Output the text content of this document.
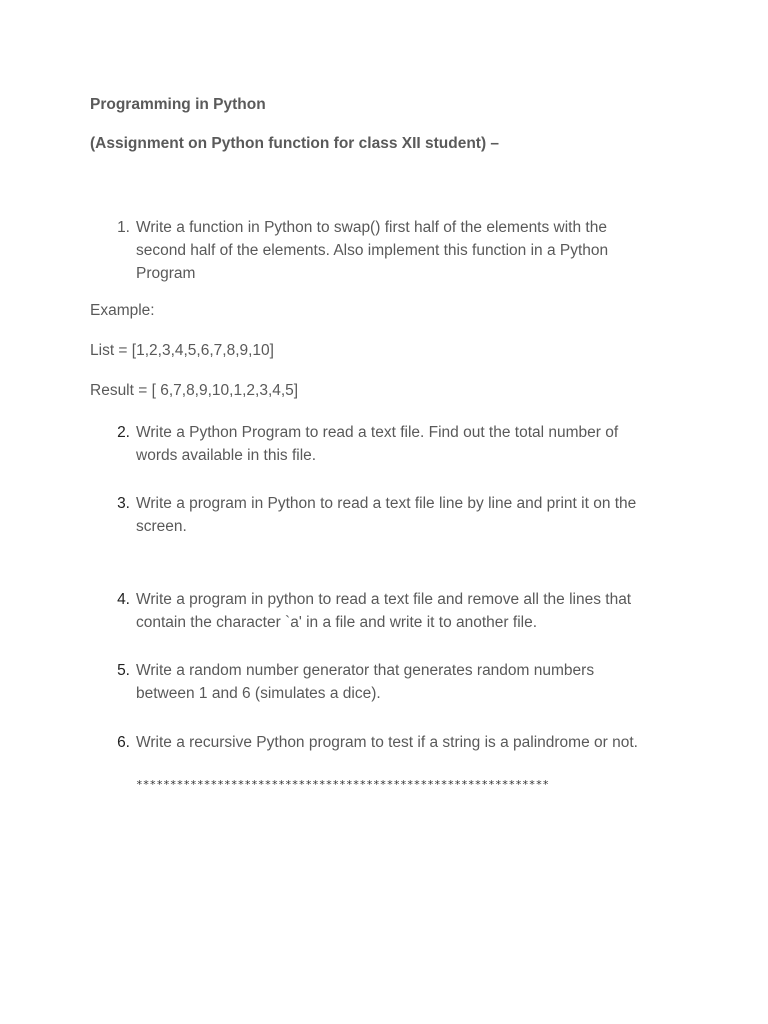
Programming in Python
(Assignment on Python function for class XII student) –
1. Write a function in Python to swap() first half of the elements with the second half of the elements. Also implement this function in a Python Program
Example:
List = [1,2,3,4,5,6,7,8,9,10]
Result = [ 6,7,8,9,10,1,2,3,4,5]
2. Write a Python Program to read a text file. Find out the total number of words available in this file.
3. Write a program in Python to read a text file line by line and print it on the screen.
4. Write a program in python to read a text file and remove all the lines that contain the character `a' in a file and write it to another file.
5. Write a random number generator that generates random numbers between 1 and 6 (simulates a dice).
6. Write a recursive Python program to test if a string is a palindrome or not.
*************************************************************
